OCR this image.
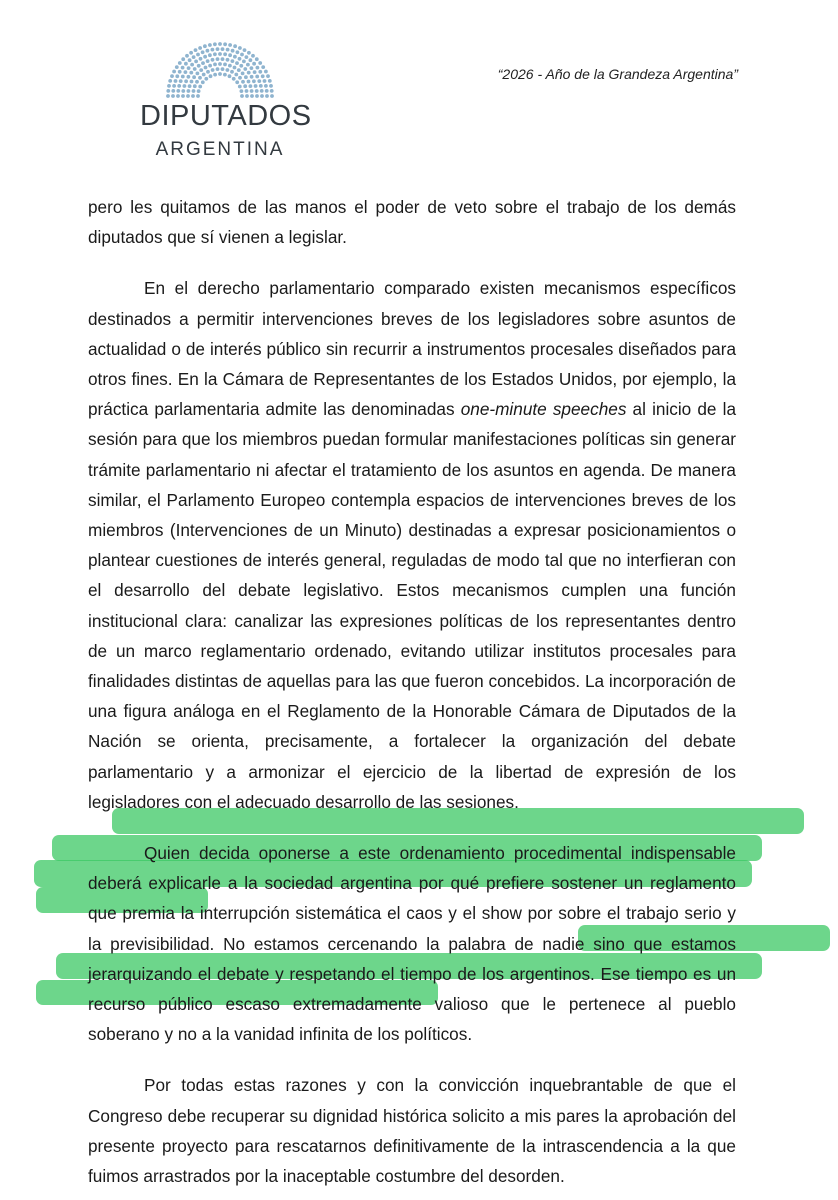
DIPUTADOS
ARGENTINA
“2026 - Año de la Grandeza Argentina”

pero les quitamos de las manos el poder de veto sobre el trabajo de los demás diputados que sí vienen a legislar.

En el derecho parlamentario comparado existen mecanismos específicos destinados a permitir intervenciones breves de los legisladores sobre asuntos de actualidad o de interés público sin recurrir a instrumentos procesales diseñados para otros fines. En la Cámara de Representantes de los Estados Unidos, por ejemplo, la práctica parlamentaria admite las denominadas one-minute speeches al inicio de la sesión para que los miembros puedan formular manifestaciones políticas sin generar trámite parlamentario ni afectar el tratamiento de los asuntos en agenda. De manera similar, el Parlamento Europeo contempla espacios de intervenciones breves de los miembros (Intervenciones de un Minuto) destinadas a expresar posicionamientos o plantear cuestiones de interés general, reguladas de modo tal que no interfieran con el desarrollo del debate legislativo. Estos mecanismos cumplen una función institucional clara: canalizar las expresiones políticas de los representantes dentro de un marco reglamentario ordenado, evitando utilizar institutos procesales para finalidades distintas de aquellas para las que fueron concebidos. La incorporación de una figura análoga en el Reglamento de la Honorable Cámara de Diputados de la Nación se orienta, precisamente, a fortalecer la organización del debate parlamentario y a armonizar el ejercicio de la libertad de expresión de los legisladores con el adecuado desarrollo de las sesiones.

Quien decida oponerse a este ordenamiento procedimental indispensable deberá explicarle a la sociedad argentina por qué prefiere sostener un reglamento que premia la interrupción sistemática el caos y el show por sobre el trabajo serio y la previsibilidad. No estamos cercenando la palabra de nadie sino que estamos jerarquizando el debate y respetando el tiempo de los argentinos. Ese tiempo es un recurso público escaso extremadamente valioso que le pertenece al pueblo soberano y no a la vanidad infinita de los políticos.

Por todas estas razones y con la convicción inquebrantable de que el Congreso debe recuperar su dignidad histórica solicito a mis pares la aprobación del presente proyecto para rescatarnos definitivamente de la intrascendencia a la que fuimos arrastrados por la inaceptable costumbre del desorden.
